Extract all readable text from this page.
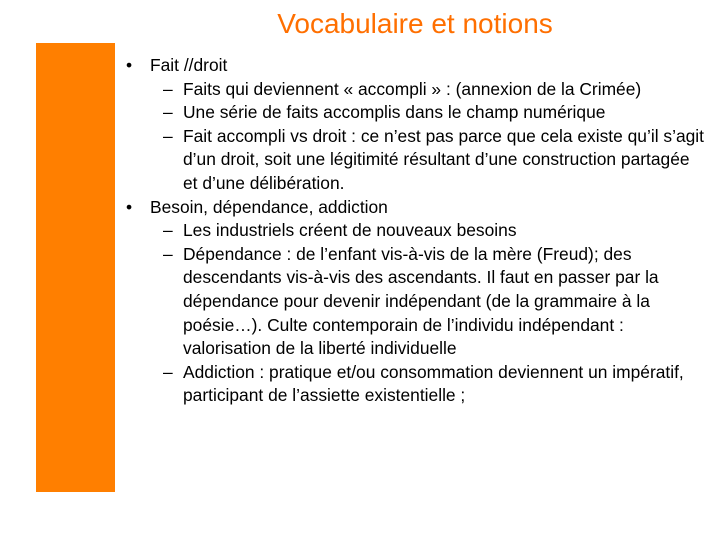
Vocabulaire et notions
• Fait //droit
– Faits qui deviennent « accompli » : (annexion de la Crimée)
– Une série de faits accomplis dans le champ numérique
– Fait accompli vs droit : ce n’est pas parce que cela existe qu’il s’agit d’un droit, soit une légitimité résultant d’une construction partagée et d’une délibération.
• Besoin, dépendance, addiction
– Les industriels créent de nouveaux besoins
– Dépendance : de l’enfant vis-à-vis de la mère (Freud); des descendants vis-à-vis des ascendants. Il faut en passer par la dépendance pour devenir indépendant (de la grammaire à la poésie…). Culte contemporain de l’individu indépendant : valorisation de la liberté individuelle
– Addiction : pratique et/ou consommation deviennent un impératif, participant de l’assiette existentielle ;
